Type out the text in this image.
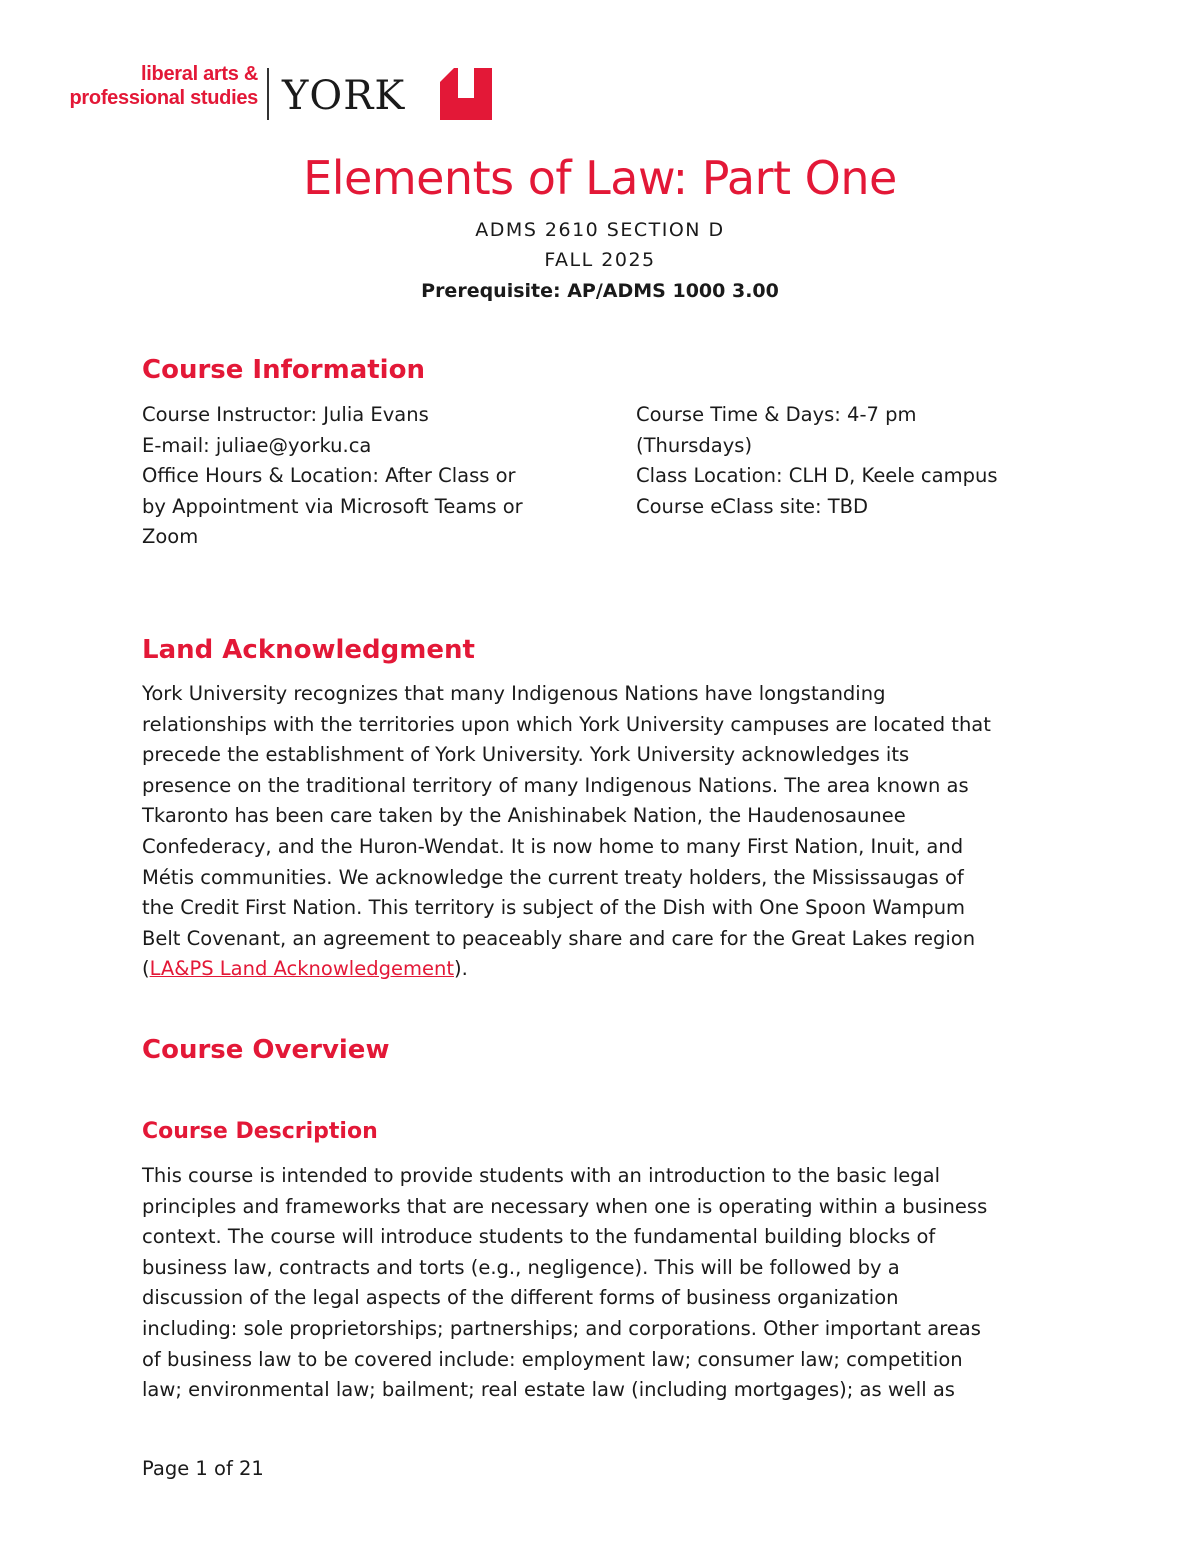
liberal arts &
professional studies YORK
Elements of Law: Part One
ADMS 2610 SECTION D
FALL 2025
Prerequisite: AP/ADMS 1000 3.00
Course Information
Course Instructor: Julia Evans
E-mail: juliae@yorku.ca
Office Hours & Location: After Class or
by Appointment via Microsoft Teams or
Zoom
Course Time & Days: 4-7 pm
(Thursdays)
Class Location: CLH D, Keele campus
Course eClass site: TBD
Land Acknowledgment
York University recognizes that many Indigenous Nations have longstanding
relationships with the territories upon which York University campuses are located that
precede the establishment of York University. York University acknowledges its
presence on the traditional territory of many Indigenous Nations. The area known as
Tkaronto has been care taken by the Anishinabek Nation, the Haudenosaunee
Confederacy, and the Huron-Wendat. It is now home to many First Nation, Inuit, and
Métis communities. We acknowledge the current treaty holders, the Mississaugas of
the Credit First Nation. This territory is subject of the Dish with One Spoon Wampum
Belt Covenant, an agreement to peaceably share and care for the Great Lakes region
(LA&PS Land Acknowledgement).
Course Overview
Course Description
This course is intended to provide students with an introduction to the basic legal
principles and frameworks that are necessary when one is operating within a business
context. The course will introduce students to the fundamental building blocks of
business law, contracts and torts (e.g., negligence). This will be followed by a
discussion of the legal aspects of the different forms of business organization
including: sole proprietorships; partnerships; and corporations. Other important areas
of business law to be covered include: employment law; consumer law; competition
law; environmental law; bailment; real estate law (including mortgages); as well as
Page 1 of 21
